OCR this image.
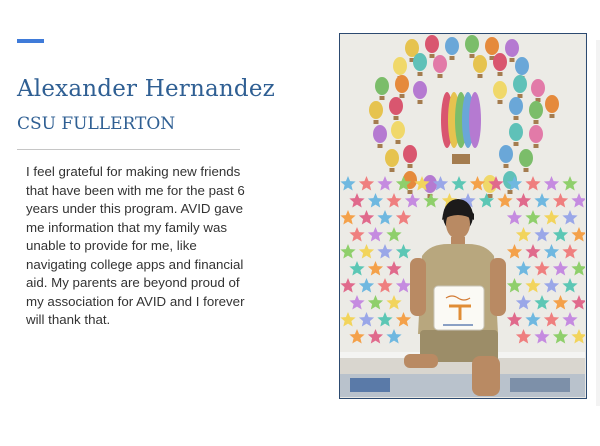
Alexander Hernandez
CSU FULLERTON

I feel grateful for making new friends that have been with me for the past 6 years under this program. AVID gave me information that my family was unable to provide for me, like navigating college apps and financial aid. My parents are beyond proud of my association for AVID and I forever will thank that.
